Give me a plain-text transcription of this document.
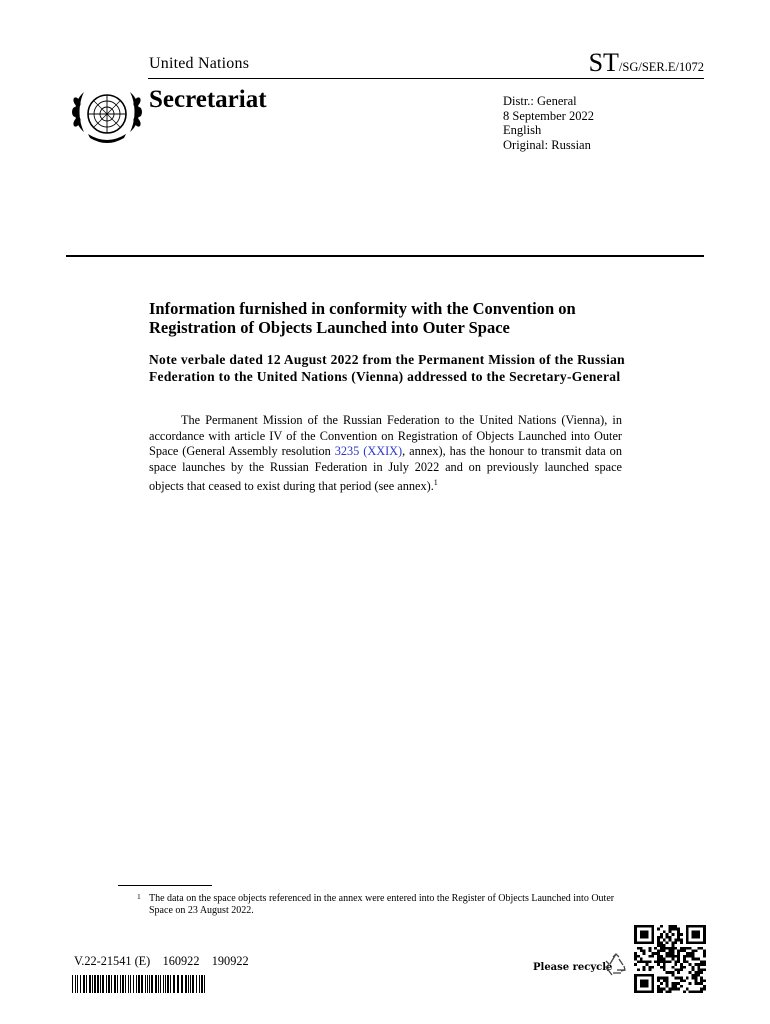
United Nations	ST/SG/SER.E/1072
Secretariat	Distr.: General
8 September 2022
English
Original: Russian
Information furnished in conformity with the Convention on Registration of Objects Launched into Outer Space
Note verbale dated 12 August 2022 from the Permanent Mission of the Russian Federation to the United Nations (Vienna) addressed to the Secretary-General
The Permanent Mission of the Russian Federation to the United Nations (Vienna), in accordance with article IV of the Convention on Registration of Objects Launched into Outer Space (General Assembly resolution 3235 (XXIX), annex), has the honour to transmit data on space launches by the Russian Federation in July 2022 and on previously launched space objects that ceased to exist during that period (see annex).$^1$
1 The data on the space objects referenced in the annex were entered into the Register of Objects Launched into Outer Space on 23 August 2022.
V.22-21541 (E)    160922    190922	Please recycle
